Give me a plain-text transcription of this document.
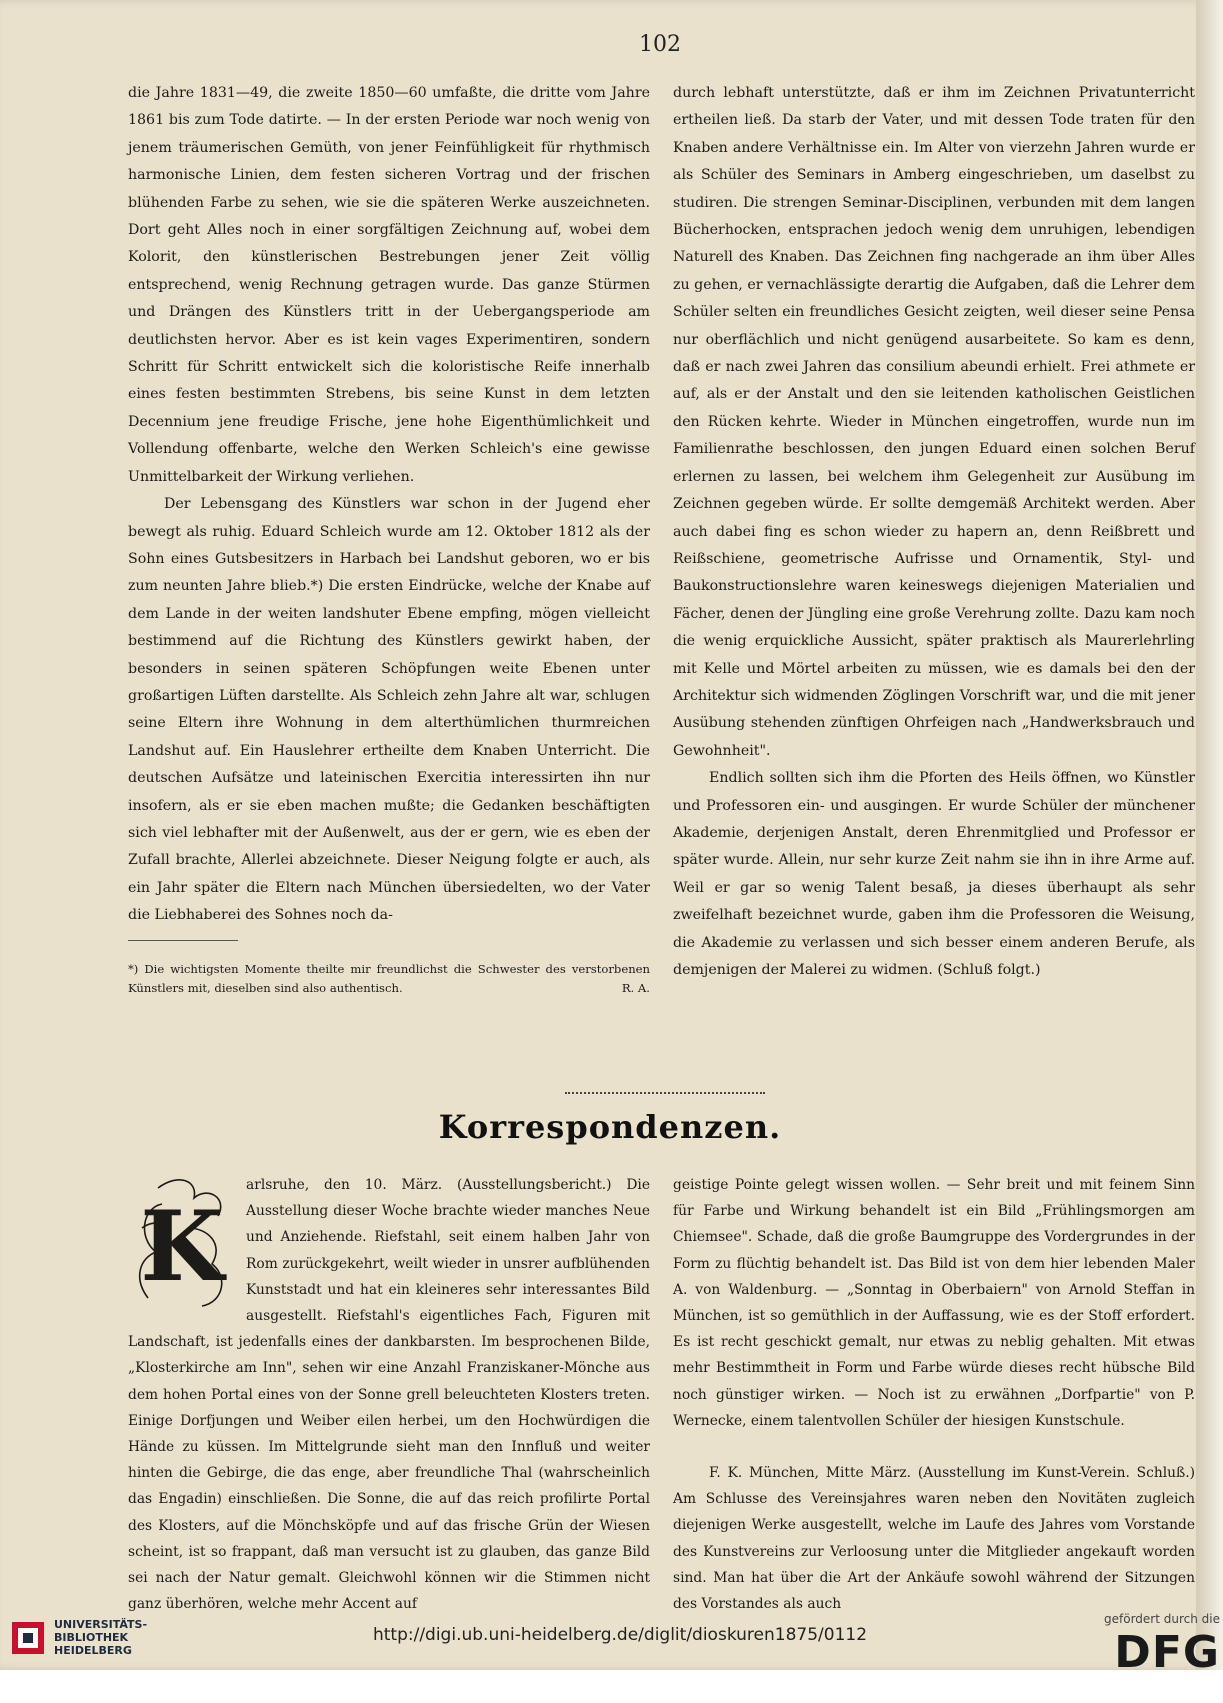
102

die Jahre 1831—49, die zweite 1850—60 umfaßte, die dritte vom Jahre 1861 bis zum Tode datirte. — In der ersten Periode war noch wenig von jenem träumerischen Gemüth, von jener Feinfühligkeit für rhythmisch harmonische Linien, dem festen sicheren Vortrag und der frischen blühenden Farbe zu sehen, wie sie die späteren Werke auszeichneten. Dort geht Alles noch in einer sorgfältigen Zeichnung auf, wobei dem Kolorit, den künstlerischen Bestrebungen jener Zeit völlig entsprechend, wenig Rechnung getragen wurde. Das ganze Stürmen und Drängen des Künstlers tritt in der Uebergangsperiode am deutlichsten hervor. Aber es ist kein vages Experimentiren, sondern Schritt für Schritt entwickelt sich die koloristische Reife innerhalb eines festen bestimmten Strebens, bis seine Kunst in dem letzten Decennium jene freudige Frische, jene hohe Eigenthümlichkeit und Vollendung offenbarte, welche den Werken Schleich's eine gewisse Unmittelbarkeit der Wirkung verliehen.

Der Lebensgang des Künstlers war schon in der Jugend eher bewegt als ruhig. Eduard Schleich wurde am 12. Oktober 1812 als der Sohn eines Gutsbesitzers in Harbach bei Landshut geboren, wo er bis zum neunten Jahre blieb.*) Die ersten Eindrücke, welche der Knabe auf dem Lande in der weiten landshuter Ebene empfing, mögen vielleicht bestimmend auf die Richtung des Künstlers gewirkt haben, der besonders in seinen späteren Schöpfungen weite Ebenen unter großartigen Lüften darstellte. Als Schleich zehn Jahre alt war, schlugen seine Eltern ihre Wohnung in dem alterthümlichen thurmreichen Landshut auf. Ein Hauslehrer ertheilte dem Knaben Unterricht. Die deutschen Aufsätze und lateinischen Exercitia interessirten ihn nur insofern, als er sie eben machen mußte; die Gedanken beschäftigten sich viel lebhafter mit der Außenwelt, aus der er gern, wie es eben der Zufall brachte, Allerlei abzeichnete. Dieser Neigung folgte er auch, als ein Jahr später die Eltern nach München übersiedelten, wo der Vater die Liebhaberei des Sohnes noch da-

durch lebhaft unterstützte, daß er ihm im Zeichnen Privatunterricht ertheilen ließ. Da starb der Vater, und mit dessen Tode traten für den Knaben andere Verhältnisse ein. Im Alter von vierzehn Jahren wurde er als Schüler des Seminars in Amberg eingeschrieben, um daselbst zu studiren. Die strengen Seminar-Disciplinen, verbunden mit dem langen Bücherhocken, entsprachen jedoch wenig dem unruhigen, lebendigen Naturell des Knaben. Das Zeichnen fing nachgerade an ihm über Alles zu gehen, er vernachlässigte derartig die Aufgaben, daß die Lehrer dem Schüler selten ein freundliches Gesicht zeigten, weil dieser seine Pensa nur oberflächlich und nicht genügend ausarbeitete. So kam es denn, daß er nach zwei Jahren das consilium abeundi erhielt. Frei athmete er auf, als er der Anstalt und den sie leitenden katholischen Geistlichen den Rücken kehrte. Wieder in München eingetroffen, wurde nun im Familienrathe beschlossen, den jungen Eduard einen solchen Beruf erlernen zu lassen, bei welchem ihm Gelegenheit zur Ausübung im Zeichnen gegeben würde. Er sollte demgemäß Architekt werden. Aber auch dabei fing es schon wieder zu hapern an, denn Reißbrett und Reißschiene, geometrische Aufrisse und Ornamentik, Styl- und Baukonstructionslehre waren keineswegs diejenigen Materialien und Fächer, denen der Jüngling eine große Verehrung zollte. Dazu kam noch die wenig erquickliche Aussicht, später praktisch als Maurerlehrling mit Kelle und Mörtel arbeiten zu müssen, wie es damals bei den der Architektur sich widmenden Zöglingen Vorschrift war, und die mit jener Ausübung stehenden zünftigen Ohrfeigen nach „Handwerksbrauch und Gewohnheit".

Endlich sollten sich ihm die Pforten des Heils öffnen, wo Künstler und Professoren ein- und ausgingen. Er wurde Schüler der münchener Akademie, derjenigen Anstalt, deren Ehrenmitglied und Professor er später wurde. Allein, nur sehr kurze Zeit nahm sie ihn in ihre Arme auf. Weil er gar so wenig Talent besaß, ja dieses überhaupt als sehr zweifelhaft bezeichnet wurde, gaben ihm die Professoren die Weisung, die Akademie zu verlassen und sich besser einem anderen Berufe, als demjenigen der Malerei zu widmen. (Schluß folgt.)

*) Die wichtigsten Momente theilte mir freundlichst die Schwester des verstorbenen Künstlers mit, dieselben sind also authentisch.	R. A.
Korrespondenzen.
K

arlsruhe, den 10. März. (Ausstellungsbericht.) Die Ausstellung dieser Woche brachte wieder manches Neue und Anziehende. Riefstahl, seit einem halben Jahr von Rom zurückgekehrt, weilt wieder in unsrer aufblühenden Kunststadt und hat ein kleineres sehr interessantes Bild ausgestellt. Riefstahl's eigentliches Fach, Figuren mit Landschaft, ist jedenfalls eines der dankbarsten. Im besprochenen Bilde, „Klosterkirche am Inn", sehen wir eine Anzahl Franziskaner-Mönche aus dem hohen Portal eines von der Sonne grell beleuchteten Klosters treten. Einige Dorfjungen und Weiber eilen herbei, um den Hochwürdigen die Hände zu küssen. Im Mittelgrunde sieht man den Innfluß und weiter hinten die Gebirge, die das enge, aber freundliche Thal (wahrscheinlich das Engadin) einschließen. Die Sonne, die auf das reich profilirte Portal des Klosters, auf die Mönchsköpfe und auf das frische Grün der Wiesen scheint, ist so frappant, daß man versucht ist zu glauben, das ganze Bild sei nach der Natur gemalt. Gleichwohl können wir die Stimmen nicht ganz überhören, welche mehr Accent auf

geistige Pointe gelegt wissen wollen. — Sehr breit und mit feinem Sinn für Farbe und Wirkung behandelt ist ein Bild „Frühlingsmorgen am Chiemsee". Schade, daß die große Baumgruppe des Vordergrundes in der Form zu flüchtig behandelt ist. Das Bild ist von dem hier lebenden Maler A. von Waldenburg. — „Sonntag in Oberbaiern" von Arnold Steffan in München, ist so gemüthlich in der Auffassung, wie es der Stoff erfordert. Es ist recht geschickt gemalt, nur etwas zu neblig gehalten. Mit etwas mehr Bestimmtheit in Form und Farbe würde dieses recht hübsche Bild noch günstiger wirken. — Noch ist zu erwähnen „Dorfpartie" von P. Wernecke, einem talentvollen Schüler der hiesigen Kunstschule.

F. K. München, Mitte März. (Ausstellung im Kunst-Verein. Schluß.) Am Schlusse des Vereinsjahres waren neben den Novitäten zugleich diejenigen Werke ausgestellt, welche im Laufe des Jahres vom Vorstande des Kunstvereins zur Verloosung unter die Mitglieder angekauft worden sind. Man hat über die Art der Ankäufe sowohl während der Sitzungen des Vorstandes als auch

UNIVERSITÄTS-
BIBLIOTHEK
HEIDELBERG
http://digi.ub.uni-heidelberg.de/diglit/dioskuren1875/0112
gefördert durch die
DFG
